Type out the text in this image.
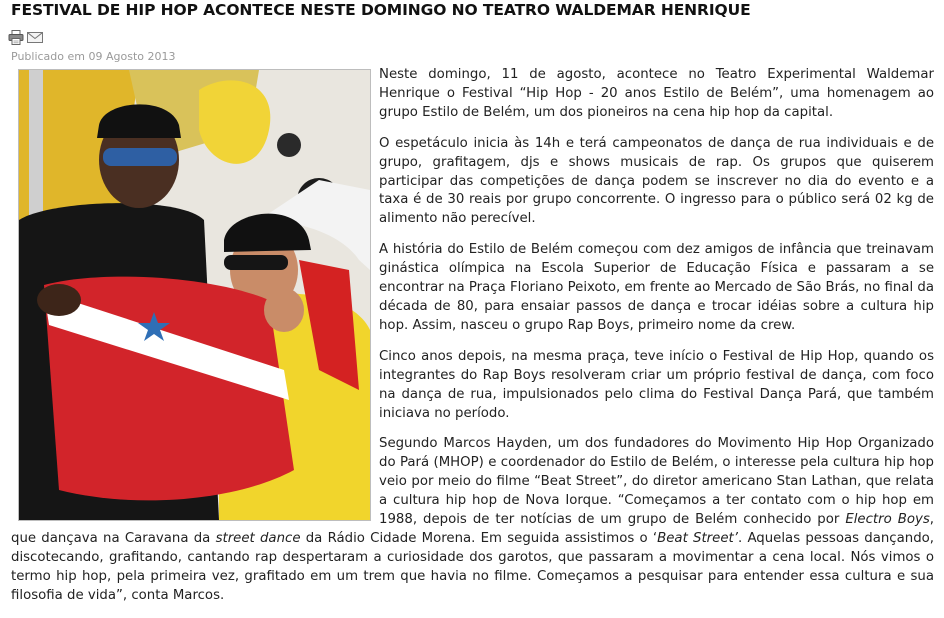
FESTIVAL DE HIP HOP ACONTECE NESTE DOMINGO NO TEATRO WALDEMAR HENRIQUE
Publicado em 09 Agosto 2013

Neste domingo, 11 de agosto, acontece no Teatro Experimental Waldemar Henrique o Festival “Hip Hop - 20 anos Estilo de Belém”, uma homenagem ao grupo Estilo de Belém, um dos pioneiros na cena hip hop da capital.

O espetáculo inicia às 14h e terá campeonatos de dança de rua individuais e de grupo, grafitagem, djs e shows musicais de rap. Os grupos que quiserem participar das competições de dança podem se inscrever no dia do evento e a taxa é de 30 reais por grupo concorrente. O ingresso para o público será 02 kg de alimento não perecível.

A história do Estilo de Belém começou com dez amigos de infância que treinavam ginástica olímpica na Escola Superior de Educação Física e passaram a se encontrar na Praça Floriano Peixoto, em frente ao Mercado de São Brás, no final da década de 80, para ensaiar passos de dança e trocar idéias sobre a cultura hip hop. Assim, nasceu o grupo Rap Boys, primeiro nome da crew.

Cinco anos depois, na mesma praça, teve início o Festival de Hip Hop, quando os integrantes do Rap Boys resolveram criar um próprio festival de dança, com foco na dança de rua, impulsionados pelo clima do Festival Dança Pará, que também iniciava no período.

Segundo Marcos Hayden, um dos fundadores do Movimento Hip Hop Organizado do Pará (MHOP) e coordenador do Estilo de Belém, o interesse pela cultura hip hop veio por meio do filme “Beat Street”, do diretor americano Stan Lathan, que relata a cultura hip hop de Nova Iorque. “Começamos a ter contato com o hip hop em 1988, depois de ter notícias de um grupo de Belém conhecido por Electro Boys, que dançava na Caravana da street dance da Rádio Cidade Morena. Em seguida assistimos o ‘Beat Street’. Aquelas pessoas dançando, discotecando, grafitando, cantando rap despertaram a curiosidade dos garotos, que passaram a movimentar a cena local. Nós vimos o termo hip hop, pela primeira vez, grafitado em um trem que havia no filme. Começamos a pesquisar para entender essa cultura e sua filosofia de vida”, conta Marcos.
